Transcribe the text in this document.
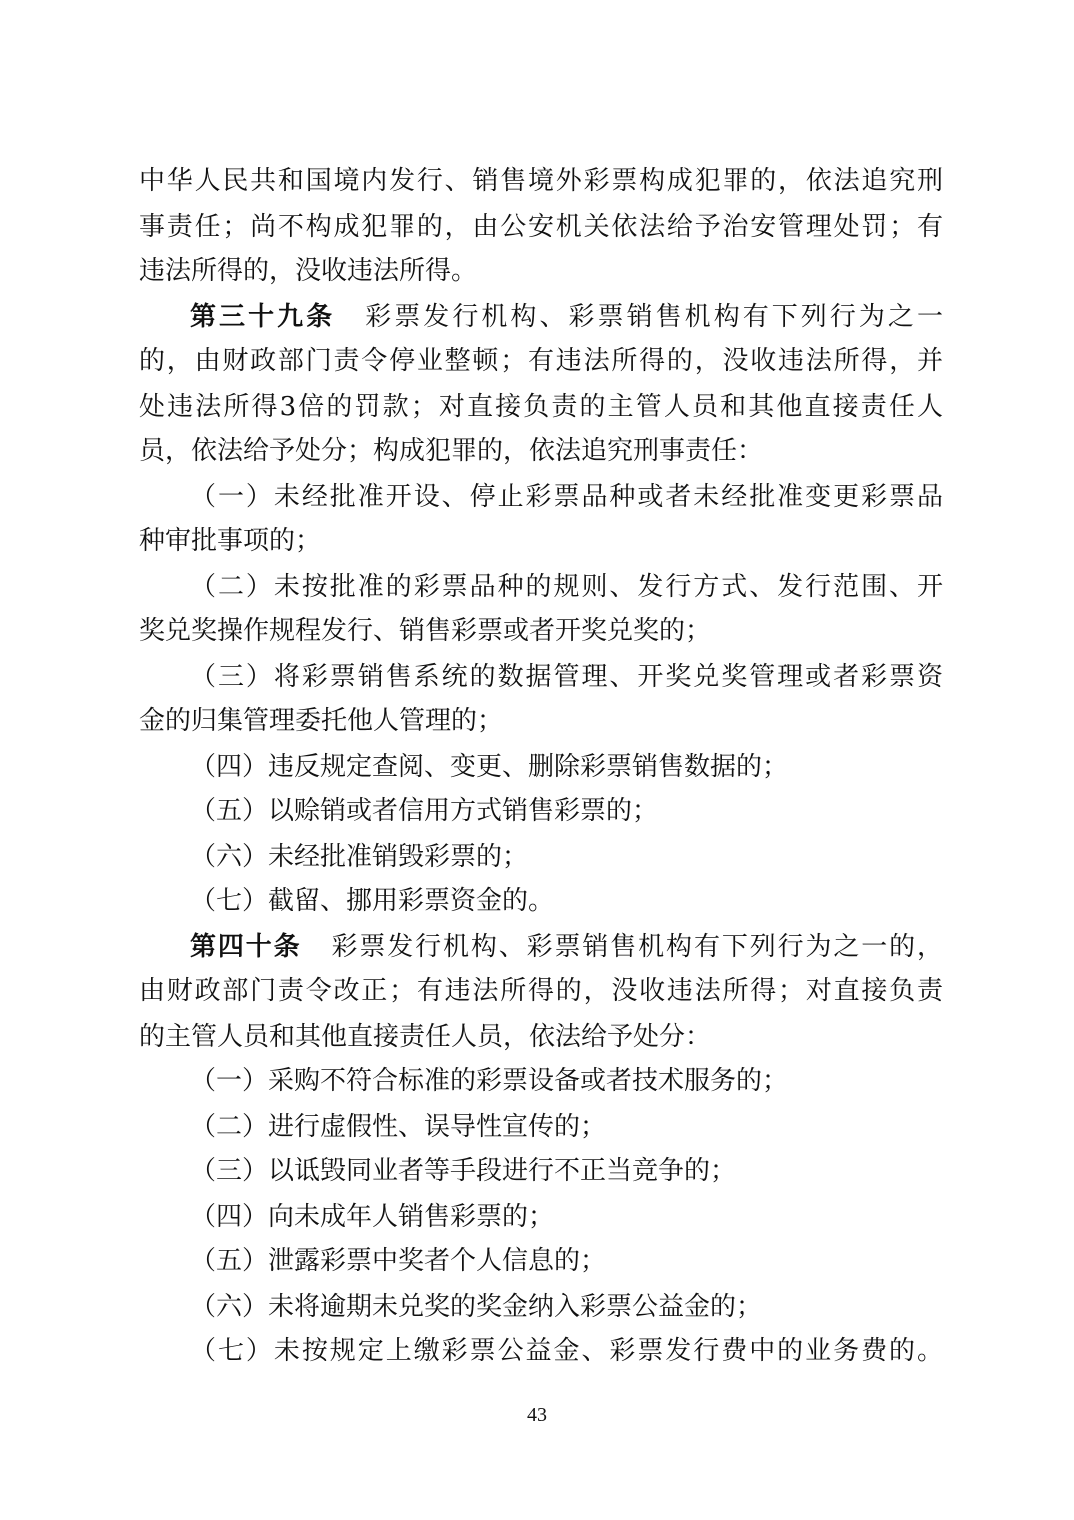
中华人民共和国境内发行、销售境外彩票构成犯罪的，依法追究刑
事责任；尚不构成犯罪的，由公安机关依法给予治安管理处罚；有
违法所得的，没收违法所得。
第三十九条 彩票发行机构、彩票销售机构有下列行为之一
的，由财政部门责令停业整顿；有违法所得的，没收违法所得，并
处违法所得3倍的罚款；对直接负责的主管人员和其他直接责任人
员，依法给予处分；构成犯罪的，依法追究刑事责任：
（一）未经批准开设、停止彩票品种或者未经批准变更彩票品
种审批事项的；
（二）未按批准的彩票品种的规则、发行方式、发行范围、开
奖兑奖操作规程发行、销售彩票或者开奖兑奖的；
（三）将彩票销售系统的数据管理、开奖兑奖管理或者彩票资
金的归集管理委托他人管理的；
（四）违反规定查阅、变更、删除彩票销售数据的；
（五）以赊销或者信用方式销售彩票的；
（六）未经批准销毁彩票的；
（七）截留、挪用彩票资金的。
第四十条 彩票发行机构、彩票销售机构有下列行为之一的，
由财政部门责令改正；有违法所得的，没收违法所得；对直接负责
的主管人员和其他直接责任人员，依法给予处分：
（一）采购不符合标准的彩票设备或者技术服务的；
（二）进行虚假性、误导性宣传的；
（三）以诋毁同业者等手段进行不正当竞争的；
（四）向未成年人销售彩票的；
（五）泄露彩票中奖者个人信息的；
（六）未将逾期未兑奖的奖金纳入彩票公益金的；
（七）未按规定上缴彩票公益金、彩票发行费中的业务费的。
43
